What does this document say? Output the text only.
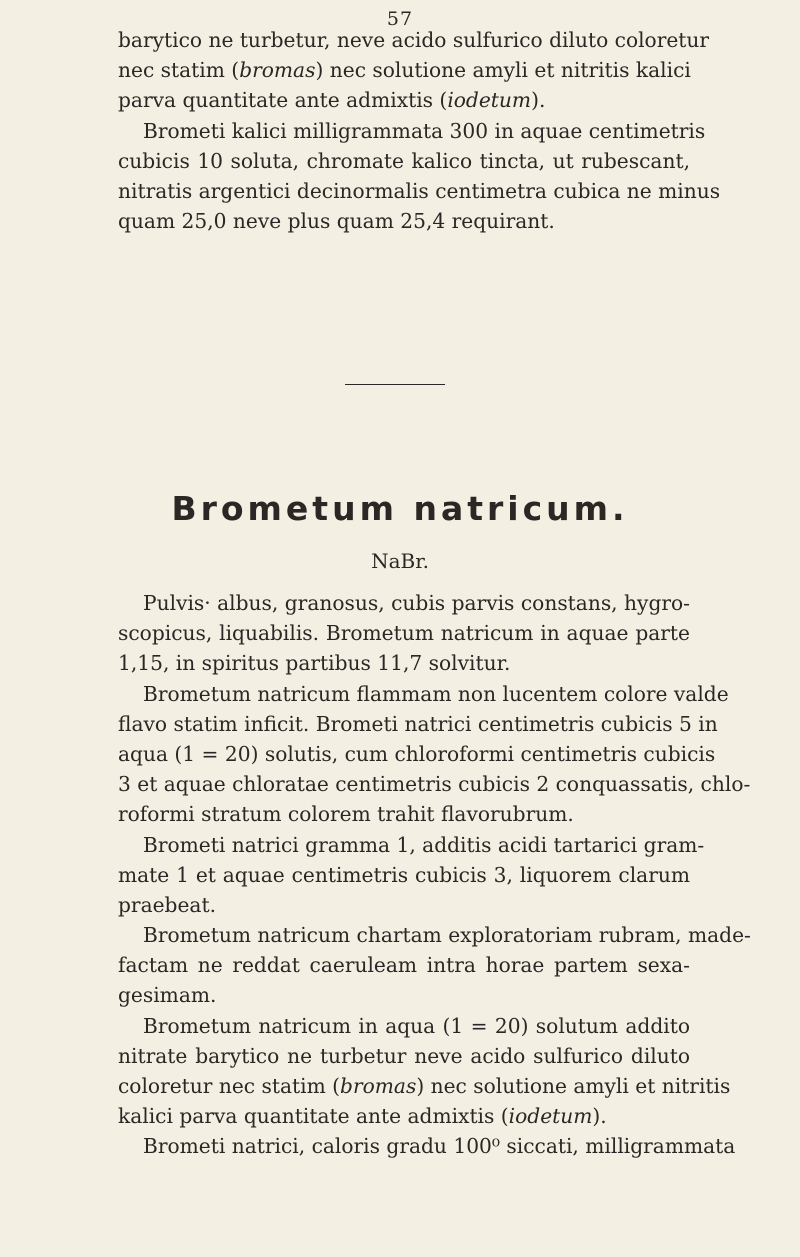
57
barytico ne turbetur, neve acido sulfurico diluto coloretur
nec statim (bromas) nec solutione amyli et nitritis kalici
parva quantitate ante admixtis (iodetum).
Brometi kalici milligrammata 300 in aquae centimetris
cubicis 10 soluta, chromate kalico tincta, ut rubescant,
nitratis argentici decinormalis centimetra cubica ne minus
quam 25,0 neve plus quam 25,4 requirant.
Brometum natricum.
NaBr.
Pulvis· albus, granosus, cubis parvis constans, hygro-
scopicus, liquabilis. Brometum natricum in aquae parte
1,15, in spiritus partibus 11,7 solvitur.
Brometum natricum flammam non lucentem colore valde
flavo statim inficit. Brometi natrici centimetris cubicis 5 in
aqua (1 = 20) solutis, cum chloroformi centimetris cubicis
3 et aquae chloratae centimetris cubicis 2 conquassatis, chlo-
roformi stratum colorem trahit flavorubrum.
Brometi natrici gramma 1, additis acidi tartarici gram-
mate 1 et aquae centimetris cubicis 3, liquorem clarum
praebeat.
Brometum natricum chartam exploratoriam rubram, made-
factam ne reddat caeruleam intra horae partem sexa-
gesimam.
Brometum natricum in aqua (1 = 20) solutum addito
nitrate barytico ne turbetur neve acido sulfurico diluto
coloretur nec statim (bromas) nec solutione amyli et nitritis
kalici parva quantitate ante admixtis (iodetum).
Brometi natrici, caloris gradu 100⁰ siccati, milligrammata
